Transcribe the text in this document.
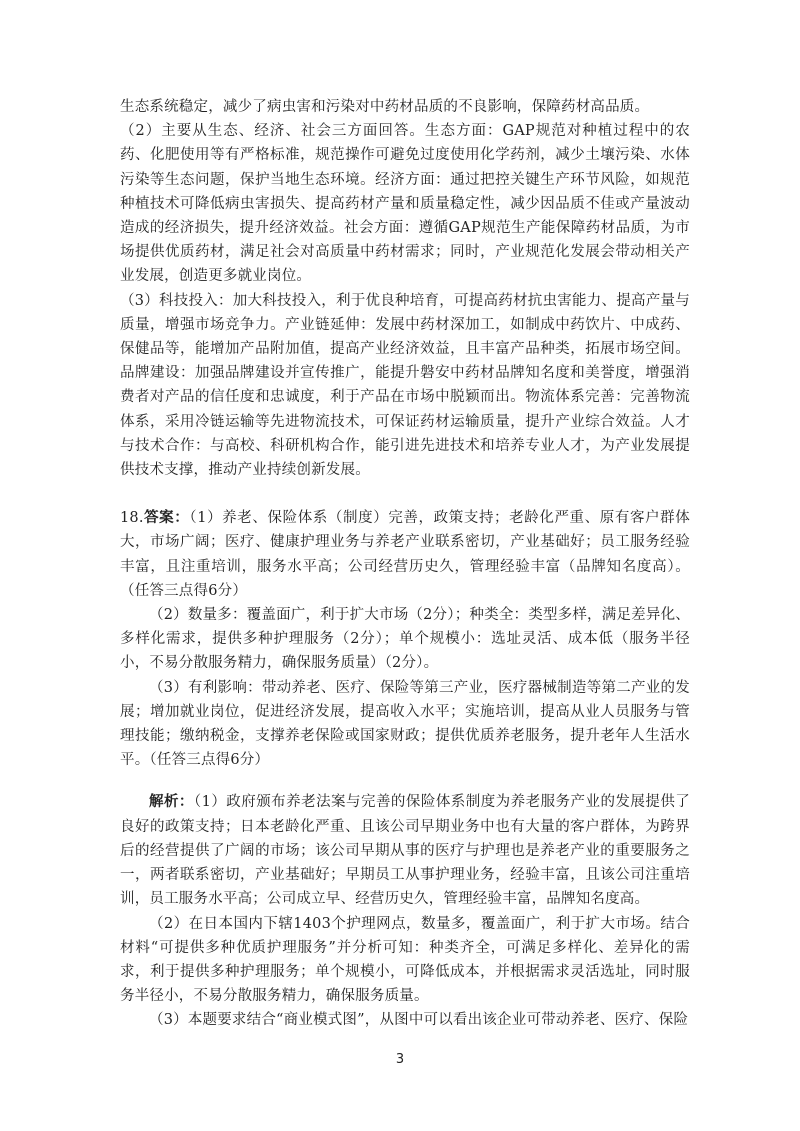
生态系统稳定，减少了病虫害和污染对中药材品质的不良影响，保障药材高品质。

（2）主要从生态、经济、社会三方面回答。生态方面：GAP规范对种植过程中的农药、化肥使用等有严格标准，规范操作可避免过度使用化学药剂，减少土壤污染、水体污染等生态问题，保护当地生态环境。经济方面：通过把控关键生产环节风险，如规范种植技术可降低病虫害损失、提高药材产量和质量稳定性，减少因品质不佳或产量波动造成的经济损失，提升经济效益。社会方面：遵循GAP规范生产能保障药材品质，为市场提供优质药材，满足社会对高质量中药材需求；同时，产业规范化发展会带动相关产业发展，创造更多就业岗位。

（3）科技投入：加大科技投入，利于优良种培育，可提高药材抗虫害能力、提高产量与质量，增强市场竞争力。产业链延伸：发展中药材深加工，如制成中药饮片、中成药、保健品等，能增加产品附加值，提高产业经济效益，且丰富产品种类，拓展市场空间。品牌建设：加强品牌建设并宣传推广，能提升磐安中药材品牌知名度和美誉度，增强消费者对产品的信任度和忠诚度，利于产品在市场中脱颖而出。物流体系完善：完善物流体系，采用冷链运输等先进物流技术，可保证药材运输质量，提升产业综合效益。人才与技术合作：与高校、科研机构合作，能引进先进技术和培养专业人才，为产业发展提供技术支撑，推动产业持续创新发展。

18.答案：（1）养老、保险体系（制度）完善，政策支持；老龄化严重、原有客户群体大，市场广阔；医疗、健康护理业务与养老产业联系密切，产业基础好；员工服务经验丰富，且注重培训，服务水平高；公司经营历史久，管理经验丰富（品牌知名度高）。（任答三点得6分）

（2）数量多：覆盖面广，利于扩大市场（2分）；种类全：类型多样，满足差异化、多样化需求，提供多种护理服务（2分）；单个规模小：选址灵活、成本低（服务半径小，不易分散服务精力，确保服务质量）（2分）。

（3）有利影响：带动养老、医疗、保险等第三产业，医疗器械制造等第二产业的发展；增加就业岗位，促进经济发展，提高收入水平；实施培训，提高从业人员服务与管理技能；缴纳税金，支撑养老保险或国家财政；提供优质养老服务，提升老年人生活水平。（任答三点得6分）

解析：（1）政府颁布养老法案与完善的保险体系制度为养老服务产业的发展提供了良好的政策支持；日本老龄化严重、且该公司早期业务中也有大量的客户群体，为跨界后的经营提供了广阔的市场；该公司早期从事的医疗与护理也是养老产业的重要服务之一，两者联系密切，产业基础好；早期员工从事护理业务，经验丰富，且该公司注重培训，员工服务水平高；公司成立早、经营历史久，管理经验丰富，品牌知名度高。

（2）在日本国内下辖1403个护理网点，数量多，覆盖面广，利于扩大市场。结合材料“可提供多种优质护理服务”并分析可知：种类齐全，可满足多样化、差异化的需求，利于提供多种护理服务；单个规模小，可降低成本，并根据需求灵活选址，同时服务半径小，不易分散服务精力，确保服务质量。

（3）本题要求结合“商业模式图”，从图中可以看出该企业可带动养老、医疗、保险

3
